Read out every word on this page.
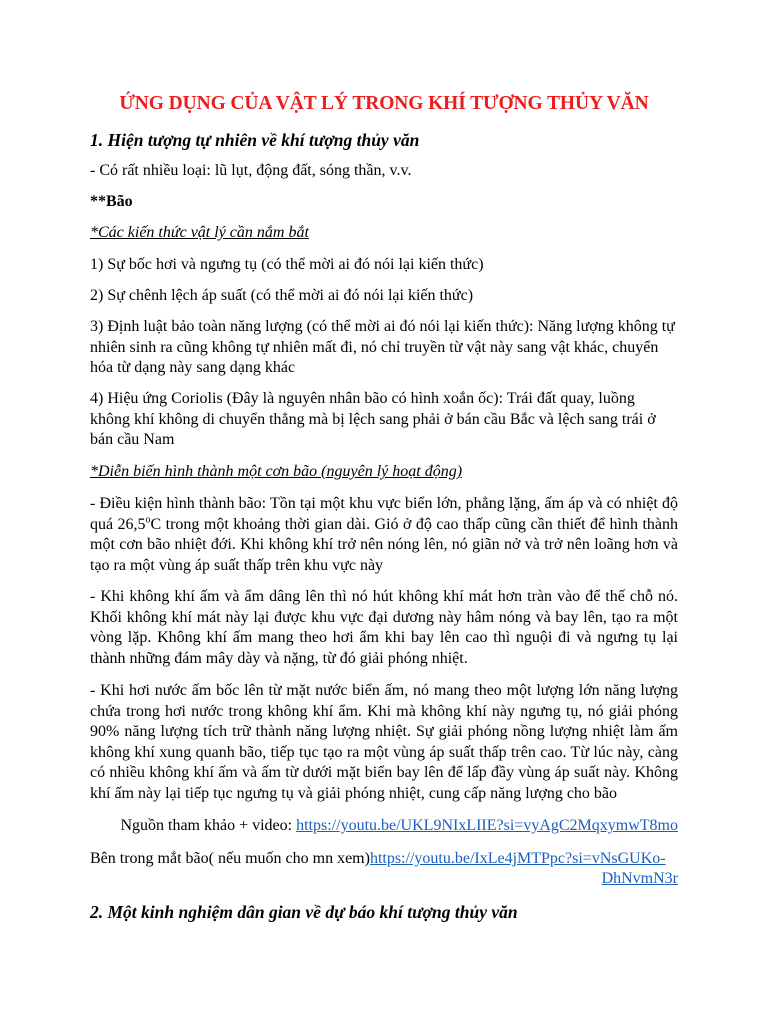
ỨNG DỤNG CỦA VẬT LÝ TRONG KHÍ TƯỢNG THỦY VĂN
1. Hiện tượng tự nhiên về khí tượng thủy văn

- Có rất nhiều loại: lũ lụt, động đất, sóng thần, v.v.

**Bão

*Các kiến thức vật lý cần nắm bắt

1) Sự bốc hơi và ngưng tụ (có thể mời ai đó nói lại kiến thức)

2) Sự chênh lệch áp suất (có thể mời ai đó nói lại kiến thức)

3) Định luật bảo toàn năng lượng (có thể mời ai đó nói lại kiến thức): Năng lượng không tự nhiên sinh ra cũng không tự nhiên mất đi, nó chỉ truyền từ vật này sang vật khác, chuyển hóa từ dạng này sang dạng khác

4) Hiệu ứng Coriolis (Đây là nguyên nhân bão có hình xoắn ốc): Trái đất quay, luồng không khí không di chuyển thẳng mà bị lệch sang phải ở bán cầu Bắc và lệch sang trái ở bán cầu Nam

*Diễn biến hình thành một cơn bão (nguyên lý hoạt động)

- Điều kiện hình thành bão: Tồn tại một khu vực biển lớn, phẳng lặng, ấm áp và có nhiệt độ quá 26,5$^o$C trong một khoảng thời gian dài. Gió ở độ cao thấp cũng cần thiết để hình thành một cơn bão nhiệt đới. Khi không khí trở nên nóng lên, nó giãn nở và trở nên loãng hơn và tạo ra một vùng áp suất thấp trên khu vực này

- Khi không khí ấm và ẩm dâng lên thì nó hút không khí mát hơn tràn vào để thế chỗ nó. Khối không khí mát này lại được khu vực đại dương này hâm nóng và bay lên, tạo ra một vòng lặp. Không khí ấm mang theo hơi ẩm khi bay lên cao thì nguội đi và ngưng tụ lại thành những đám mây dày và nặng, từ đó giải phóng nhiệt.

- Khi hơi nước ấm bốc lên từ mặt nước biển ấm, nó mang theo một lượng lớn năng lượng chứa trong hơi nước trong không khí ẩm. Khi mà không khí này ngưng tụ, nó giải phóng 90% năng lượng tích trữ thành năng lượng nhiệt. Sự giải phóng nồng lượng nhiệt làm ấm không khí xung quanh bão, tiếp tục tạo ra một vùng áp suất thấp trên cao. Từ lúc này, càng có nhiều không khí ấm và ấm từ dưới mặt biển bay lên để lấp đầy vùng áp suất này. Không khí ấm này lại tiếp tục ngưng tụ và giải phóng nhiệt, cung cấp năng lượng cho bão

Nguồn tham khảo + video: https://youtu.be/UKL9NIxLIIE?si=vyAgC2MqxymwT8mo

Bên trong mắt bão( nếu muốn cho mn xem)https://youtu.be/IxLe4jMTPpc?si=vNsGUKo-

DhNvmN3r

2. Một kinh nghiệm dân gian về dự báo khí tượng thủy văn
